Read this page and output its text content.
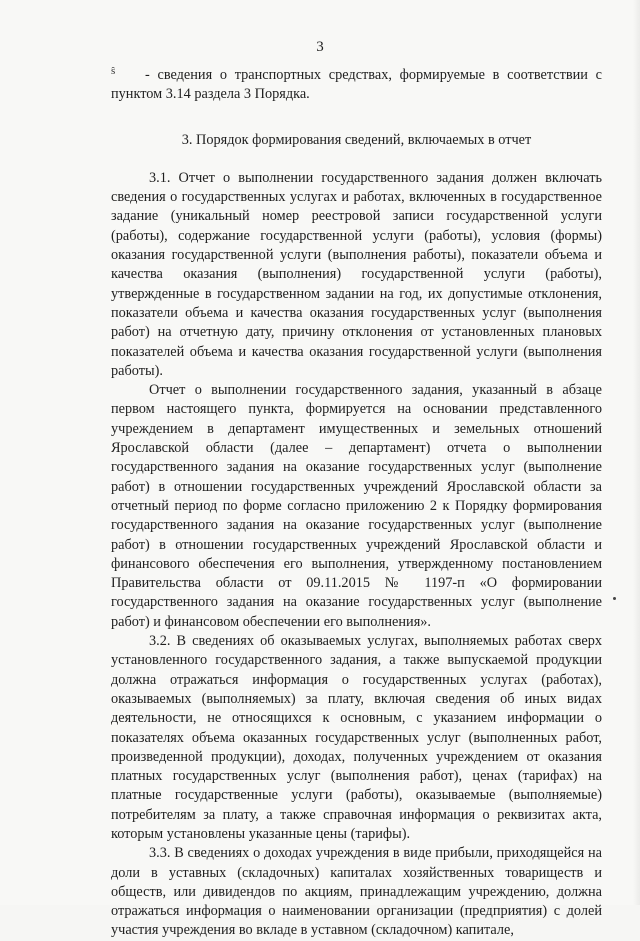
3
ŝ	- сведения о транспортных средствах, формируемые в соответствии с пунктом 3.14 раздела 3 Порядка.

3. Порядок формирования сведений, включаемых в отчет

3.1. Отчет о выполнении государственного задания должен включать сведения о государственных услугах и работах, включенных в государственное задание (уникальный номер реестровой записи государственной услуги (работы), содержание государственной услуги (работы), условия (формы) оказания государственной услуги (выполнения работы), показатели объема и качества оказания (выполнения) государственной услуги (работы), утвержденные в государственном задании на год, их допустимые отклонения, показатели объема и качества оказания государственных услуг (выполнения работ) на отчетную дату, причину отклонения от установленных плановых показателей объема и качества оказания государственной услуги (выполнения работы).

Отчет о выполнении государственного задания, указанный в абзаце первом настоящего пункта, формируется на основании представленного учреждением в департамент имущественных и земельных отношений Ярославской области (далее – департамент) отчета о выполнении государственного задания на оказание государственных услуг (выполнение работ) в отношении государственных учреждений Ярославской области за отчетный период по форме согласно приложению 2 к Порядку формирования государственного задания на оказание государственных услуг (выполнение работ) в отношении государственных учреждений Ярославской области и финансового обеспечения его выполнения, утвержденному постановлением Правительства области от 09.11.2015 № 1197-п «О формировании государственного задания на оказание государственных услуг (выполнение работ) и финансовом обеспечении его выполнения».

3.2. В сведениях об оказываемых услугах, выполняемых работах сверх установленного государственного задания, а также выпускаемой продукции должна отражаться информация о государственных услугах (работах), оказываемых (выполняемых) за плату, включая сведения об иных видах деятельности, не относящихся к основным, с указанием информации о показателях объема оказанных государственных услуг (выполненных работ, произведенной продукции), доходах, полученных учреждением от оказания платных государственных услуг (выполнения работ), ценах (тарифах) на платные государственные услуги (работы), оказываемые (выполняемые) потребителям за плату, а также справочная информация о реквизитах акта, которым установлены указанные цены (тарифы).

3.3. В сведениях о доходах учреждения в виде прибыли, приходящейся на доли в уставных (складочных) капиталах хозяйственных товариществ и обществ, или дивидендов по акциям, принадлежащим учреждению, должна отражаться информация о наименовании организации (предприятия) с долей участия учреждения во вкладе в уставном (складочном) капитале,
